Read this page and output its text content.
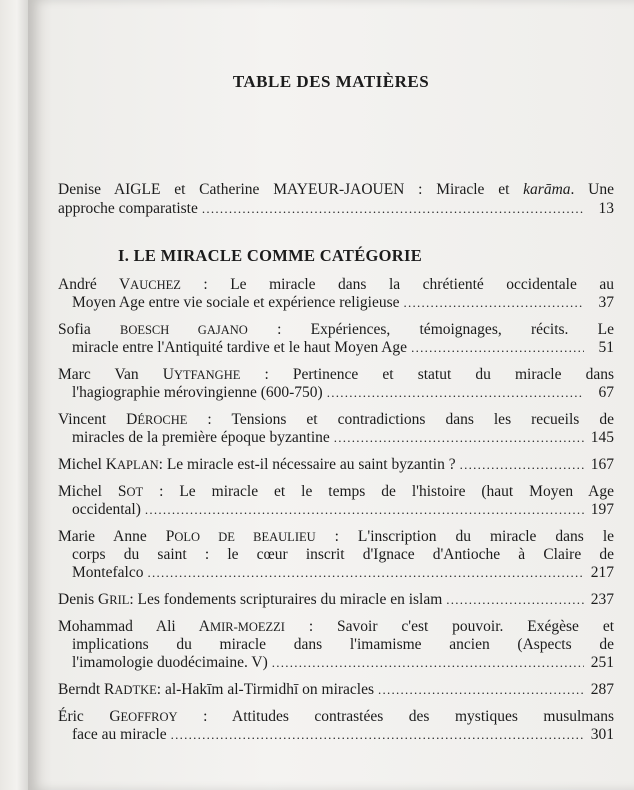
TABLE DES MATIÈRES
Denise AIGLE et Catherine MAYEUR-JAOUEN : Miracle et karāma. Une
approche comparatiste . . .	13
I. LE MIRACLE COMME CATÉGORIE
André VAUCHEZ : Le miracle dans la chrétienté occidentale au
Moyen Age entre vie sociale et expérience religieuse . . .	37
Sofia BOESCH GAJANO : Expériences, témoignages, récits. Le
miracle entre l'Antiquité tardive et le haut Moyen Age . . .	51
Marc Van UYTFANGHE : Pertinence et statut du miracle dans
l'hagiographie mérovingienne (600-750) . . .	67
Vincent DÉROCHE : Tensions et contradictions dans les recueils de
miracles de la première époque byzantine . . .	145
Michel KAPLAN : Le miracle est-il nécessaire au saint byzantin ? . . .	167
Michel SOT : Le miracle et le temps de l'histoire (haut Moyen Age
occidental) . . .	197
Marie Anne POLO DE BEAULIEU : L'inscription du miracle dans le
corps du saint : le cœur inscrit d'Ignace d'Antioche à Claire de
Montefalco . . .	217
Denis GRIL : Les fondements scripturaires du miracle en islam . . .	237
Mohammad Ali AMIR-MOEZZI : Savoir c'est pouvoir. Exégèse et
implications du miracle dans l'imamisme ancien (Aspects de
l'imamologie duodécimaine. V) . . .	251
Berndt RADTKE : al-Hakīm al-Tirmidhī on miracles . . .	287
Éric GEOFFROY : Attitudes contrastées des mystiques musulmans
face au miracle . . .	301
